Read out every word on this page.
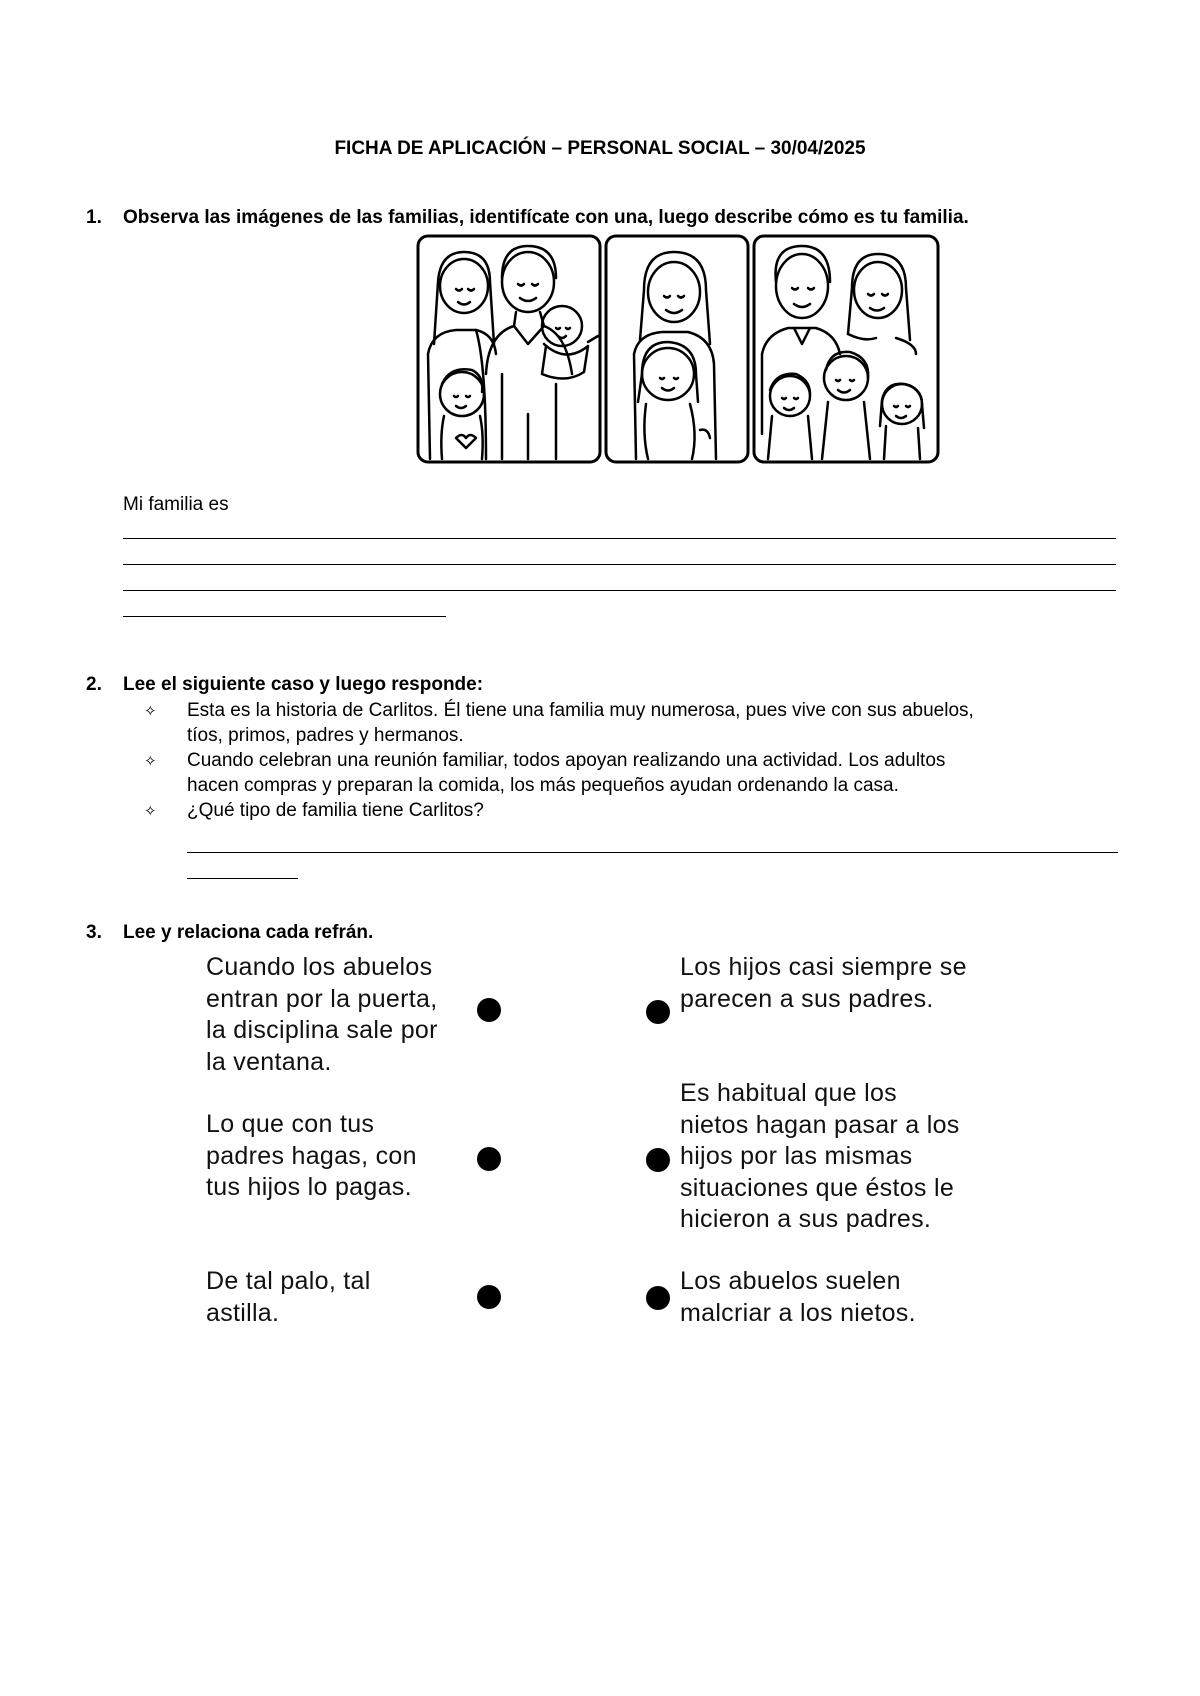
FICHA DE APLICACIÓN – PERSONAL SOCIAL – 30/04/2025
1. Observa las imágenes de las familias, identifícate con una, luego describe cómo es tu familia.
Mi familia es
2. Lee el siguiente caso y luego responde:
✧ Esta es la historia de Carlitos. Él tiene una familia muy numerosa, pues vive con sus abuelos,
tíos, primos, padres y hermanos.
✧ Cuando celebran una reunión familiar, todos apoyan realizando una actividad. Los adultos
hacen compras y preparan la comida, los más pequeños ayudan ordenando la casa.
✧ ¿Qué tipo de familia tiene Carlitos?
3. Lee y relaciona cada refrán.
Cuando los abuelos
entran por la puerta,
la disciplina sale por
la ventana.
Lo que con tus
padres hagas, con
tus hijos lo pagas.
De tal palo, tal
astilla.
Los hijos casi siempre se
parecen a sus padres.
Es habitual que los
nietos hagan pasar a los
hijos por las mismas
situaciones que éstos le
hicieron a sus padres.
Los abuelos suelen
malcriar a los nietos.
